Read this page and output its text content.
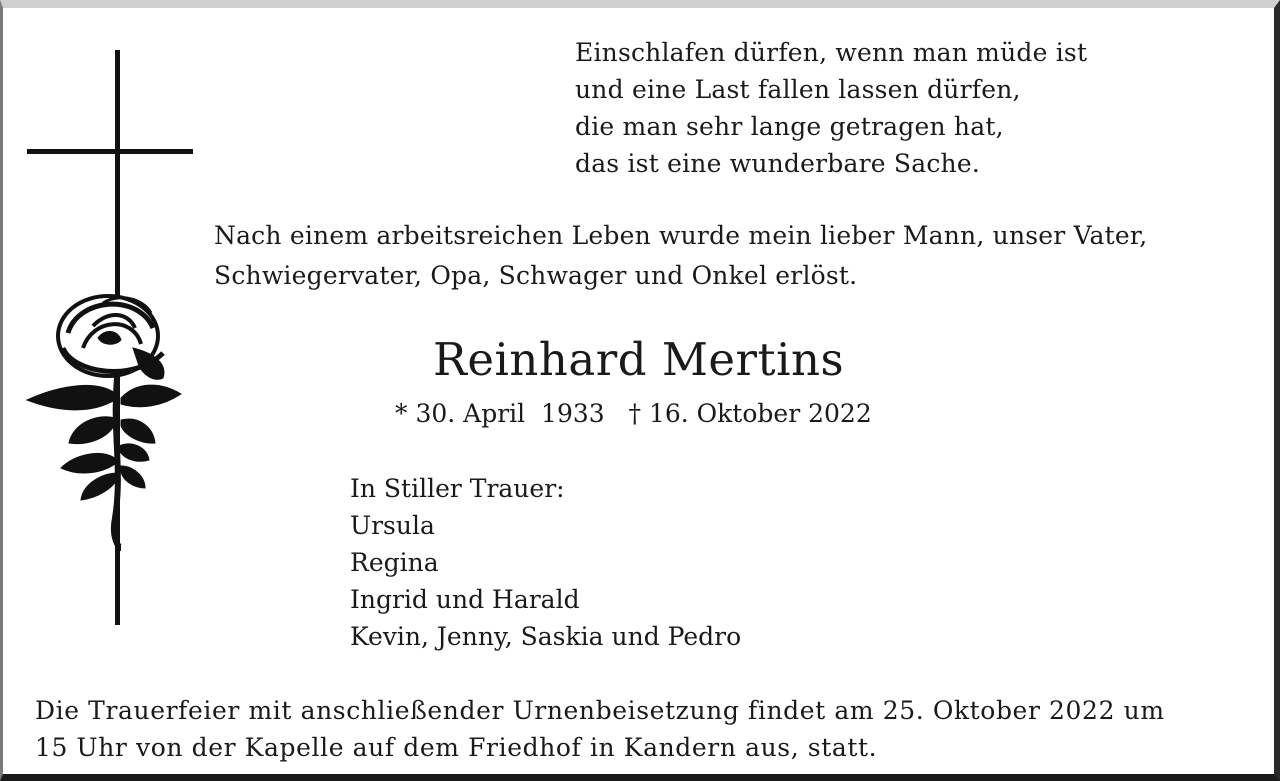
Einschlafen dürfen, wenn man müde ist
und eine Last fallen lassen dürfen,
die man sehr lange getragen hat,
das ist eine wunderbare Sache.
Nach einem arbeitsreichen Leben wurde mein lieber Mann, unser Vater,
Schwiegervater, Opa, Schwager und Onkel erlöst.
Reinhard Mertins
* 30. April  1933   † 16. Oktober 2022
In Stiller Trauer:
Ursula
Regina
Ingrid und Harald
Kevin, Jenny, Saskia und Pedro
Die Trauerfeier mit anschließender Urnenbeisetzung findet am 25. Oktober 2022 um
15 Uhr von der Kapelle auf dem Friedhof in Kandern aus, statt.
